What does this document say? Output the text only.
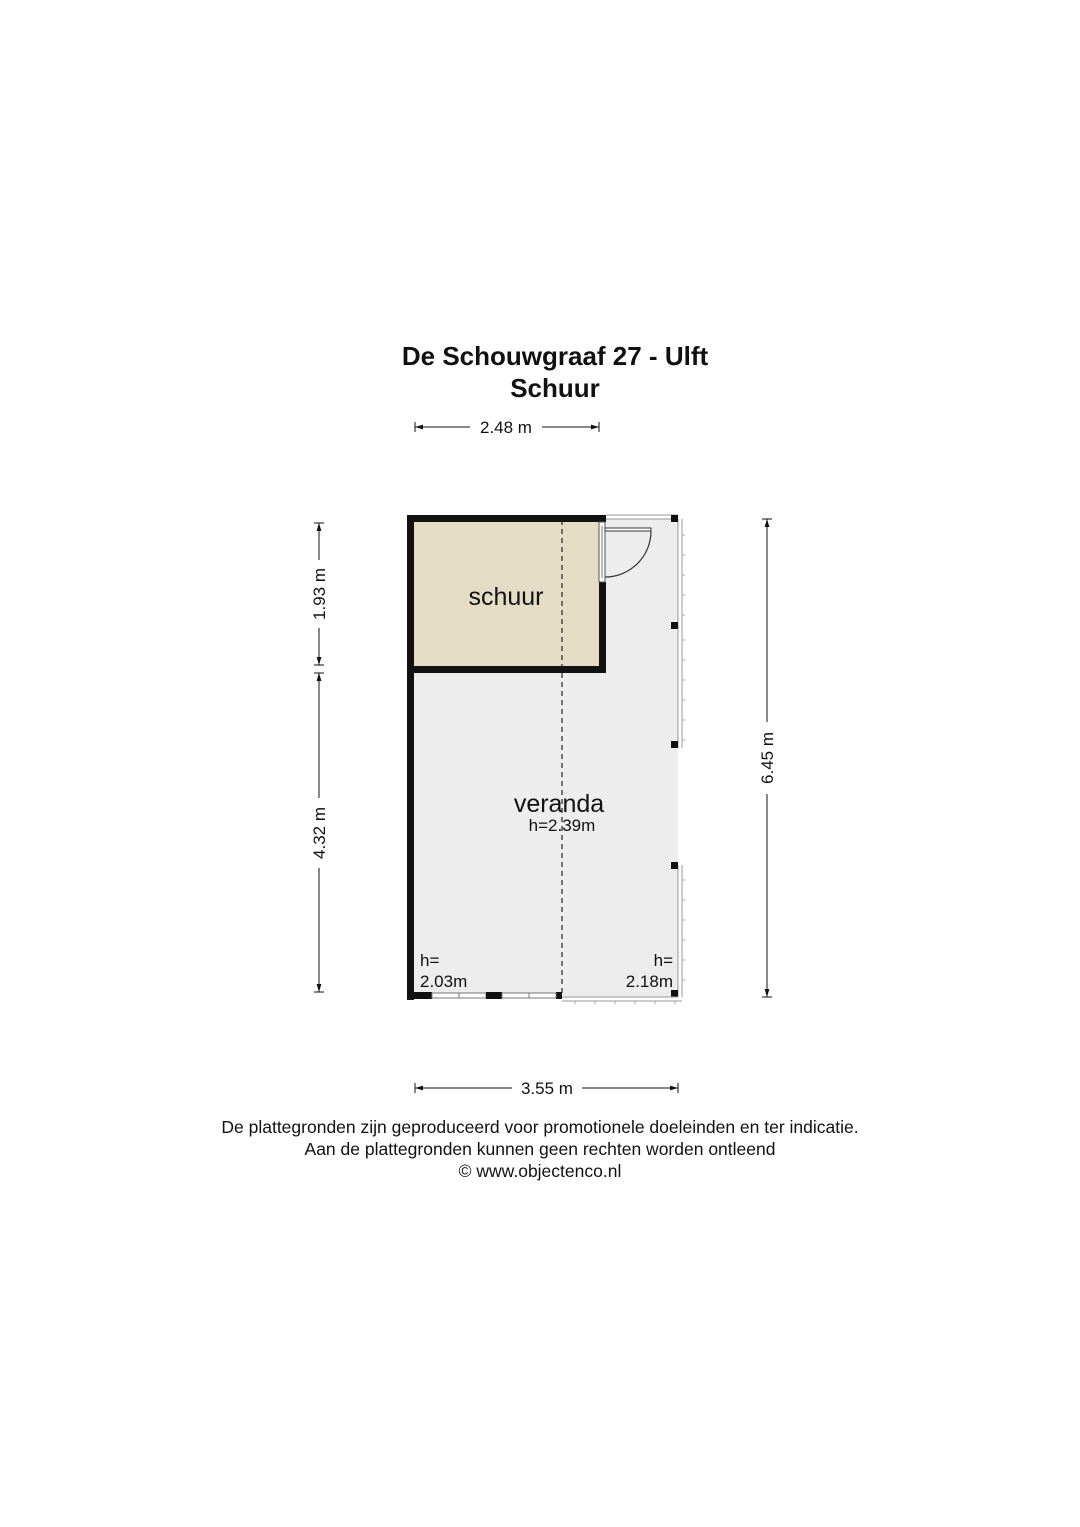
De Schouwgraaf 27 - Ulft
Schuur
schuur
veranda
h=2.39m
h=
2.03m
h=
2.18m
2.48 m
3.55 m
1.93 m
4.32 m
6.45 m
De plattegronden zijn geproduceerd voor promotionele doeleinden en ter indicatie.
Aan de plattegronden kunnen geen rechten worden ontleend
© www.objectenco.nl
